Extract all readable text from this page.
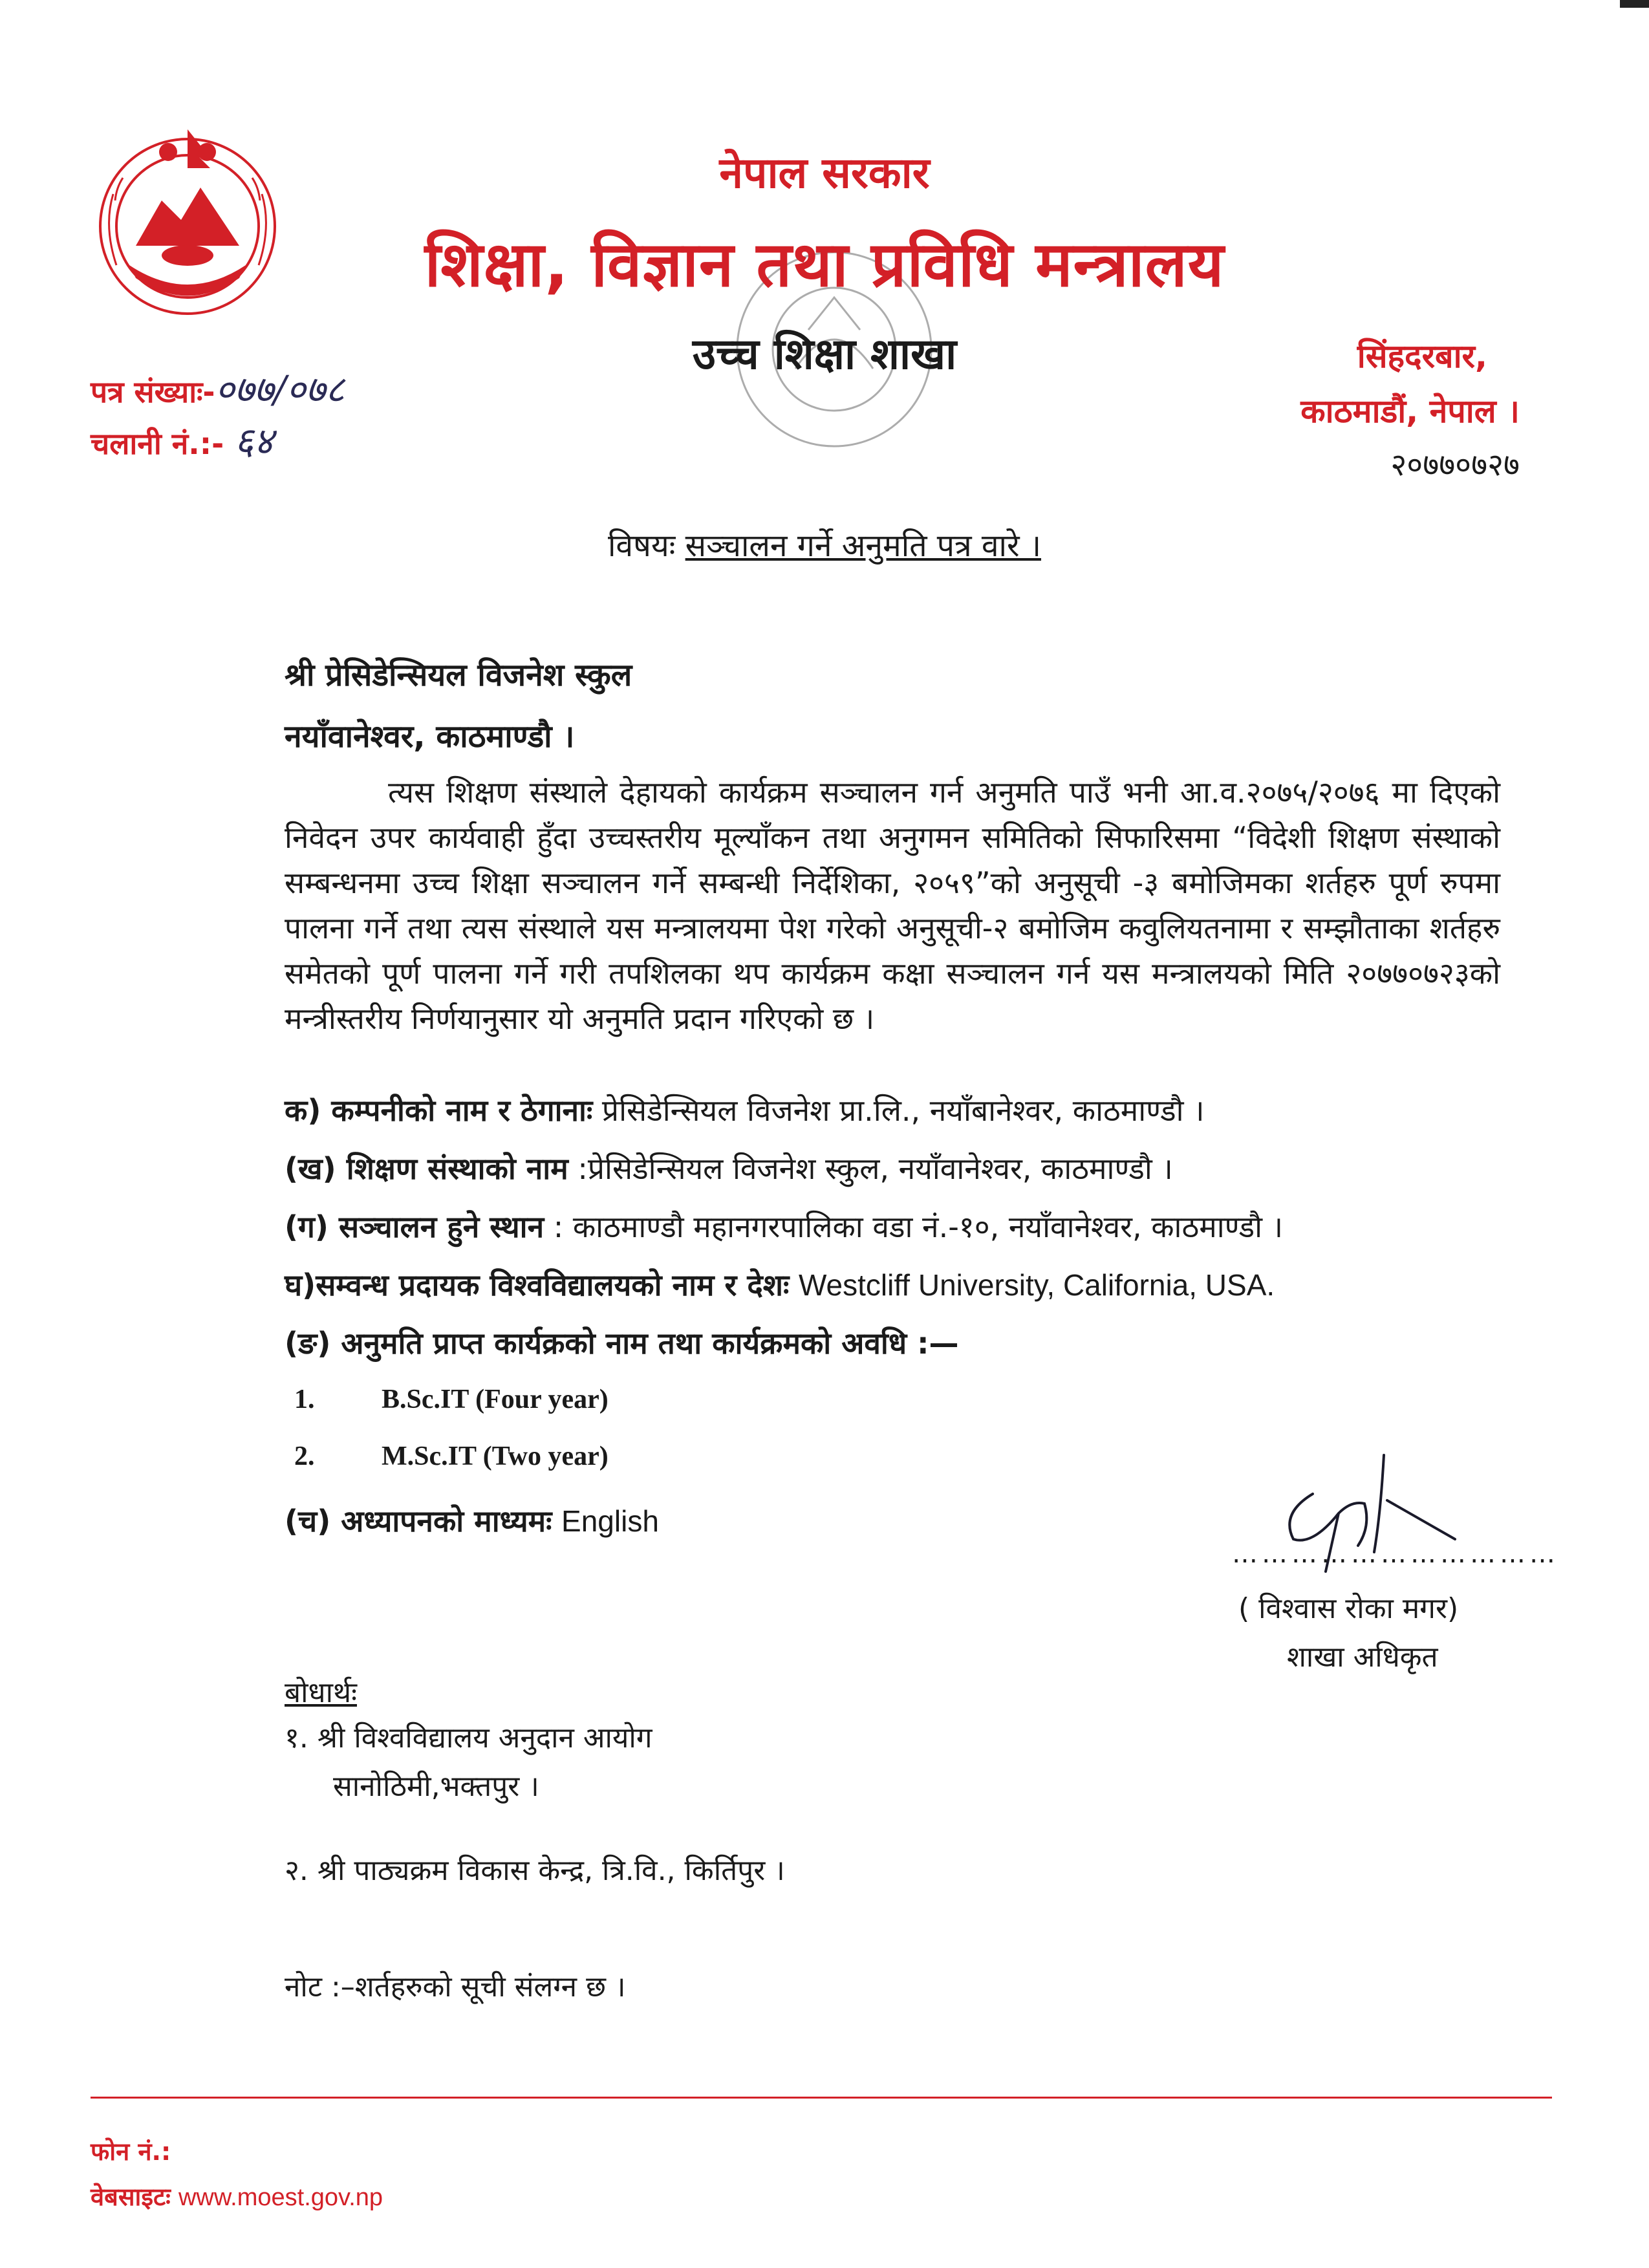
नेपाल सरकार
शिक्षा, विज्ञान तथा प्रविधि मन्त्रालय
उच्च शिक्षा शाखा
पत्र संख्याः-०७७/०७८
चलानी नं.:- ६४
सिंहदरबार,
काठमाडौं, नेपाल ।
२०७७०७२७
विषयः सञ्चालन गर्ने अनुमति पत्र वारे ।
श्री प्रेसिडेन्सियल विजनेश स्कुल
नयाँवानेश्वर, काठमाण्डौ ।

त्यस शिक्षण संस्थाले देहायको कार्यक्रम सञ्चालन गर्न अनुमति पाउँ भनी आ.व.२०७५/२०७६ मा दिएको निवेदन उपर कार्यवाही हुँदा उच्चस्तरीय मूल्याँकन तथा अनुगमन समितिको सिफारिसमा “विदेशी शिक्षण संस्थाको सम्बन्धनमा उच्च शिक्षा सञ्चालन गर्ने सम्बन्धी निर्देशिका, २०५९”को अनुसूची -३ बमोजिमका शर्तहरु पूर्ण रुपमा पालना गर्ने तथा त्यस संस्थाले यस मन्त्रालयमा पेश गरेको अनुसूची-२ बमोजिम कवुलियतनामा र सम्झौताका शर्तहरु समेतको पूर्ण पालना गर्ने गरी तपशिलका थप कार्यक्रम कक्षा सञ्चालन गर्न यस मन्त्रालयको मिति २०७७०७२३को मन्त्रीस्तरीय निर्णयानुसार यो अनुमति प्रदान गरिएको छ ।

क) कम्पनीको नाम र ठेगानाः प्रेसिडेन्सियल विजनेश प्रा.लि., नयाँबानेश्वर, काठमाण्डौ ।
(ख) शिक्षण संस्थाको नाम :प्रेसिडेन्सियल विजनेश स्कुल, नयाँवानेश्वर, काठमाण्डौ ।
(ग) सञ्चालन हुने स्थान : काठमाण्डौ महानगरपालिका वडा नं.-१०, नयाँवानेश्वर, काठमाण्डौ ।
घ)सम्वन्ध प्रदायक विश्वविद्यालयको नाम र देशः Westcliff University, California, USA.
(ङ) अनुमति प्राप्त कार्यक्रको नाम तथा कार्यक्रमको अवधि :—
1. B.Sc.IT (Four year)
2. M.Sc.IT (Two year)
(च) अध्यापनको माध्यमः English
……………………………
( विश्वास रोका मगर)
शाखा अधिकृत
बोधार्थः
१. श्री विश्वविद्यालय अनुदान आयोग
सानोठिमी,भक्तपुर ।
२. श्री पाठ्यक्रम विकास केन्द्र, त्रि.वि., किर्तिपुर ।
नोट :–शर्तहरुको सूची संलग्न छ ।
फोन नं.:
वेबसाइटः www.moest.gov.np
